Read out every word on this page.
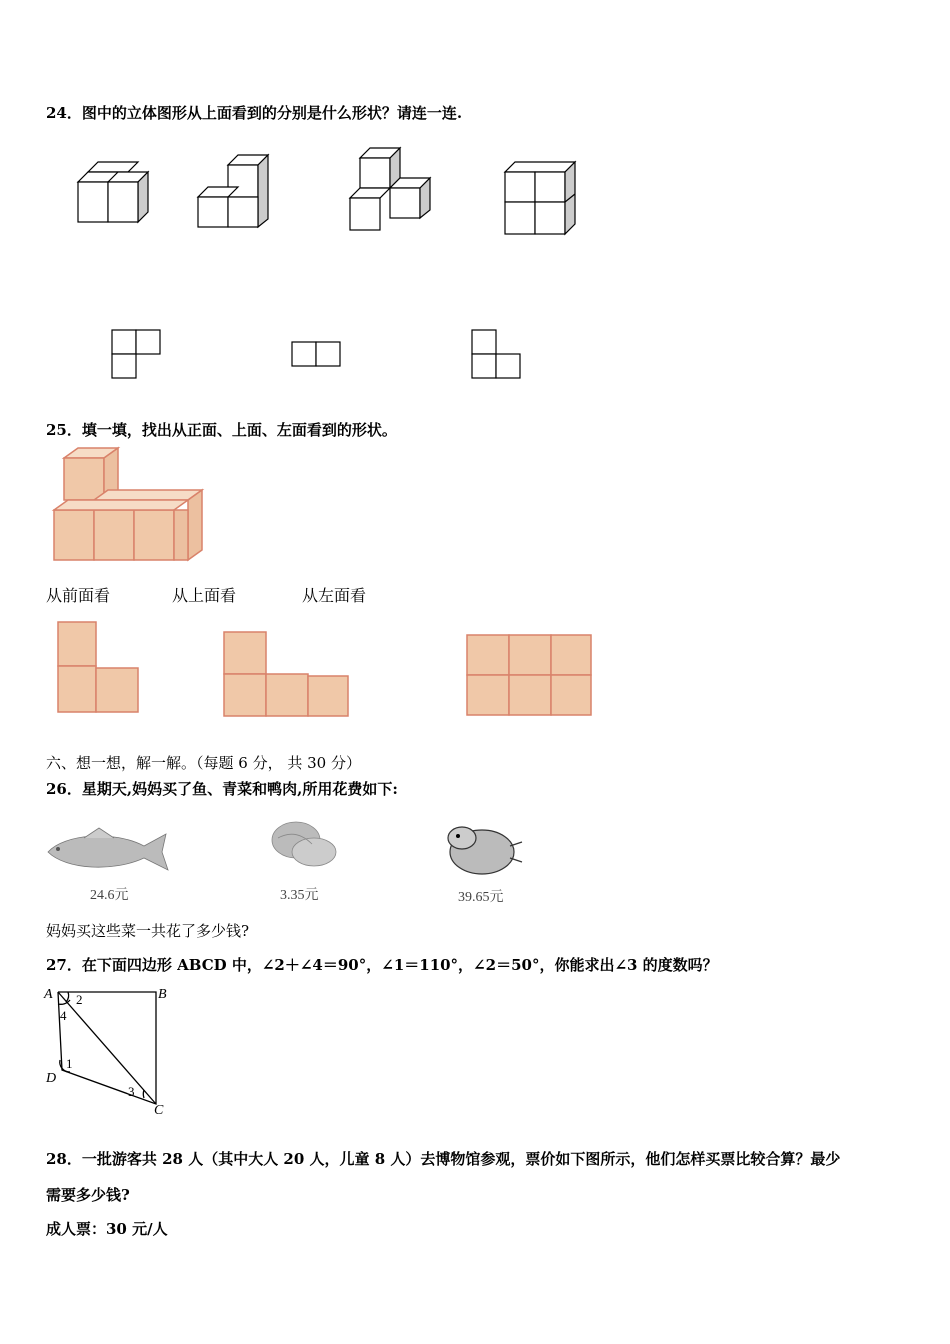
24．图中的立体图形从上面看到的分别是什么形状？请连一连.
25．填一填，找出从正面、上面、左面看到的形状。
从前面看	从上面看	从左面看
六、想一想，解一解。（每题 6 分， 共 30 分）
26．星期天,妈妈买了鱼、青菜和鸭肉,所用花费如下:
24.6元	3.35元	39.65元
妈妈买这些菜一共花了多少钱?
27．在下面四边形 ABCD 中，∠2＋∠4＝90°，∠1＝110°，∠2＝50°，你能求出∠3 的度数吗？
A	B
C
D
1
2
3
4
28．一批游客共 28 人（其中大人 20 人，儿童 8 人）去博物馆参观，票价如下图所示，他们怎样买票比较合算？最少
需要多少钱?
成人票：30 元/人
